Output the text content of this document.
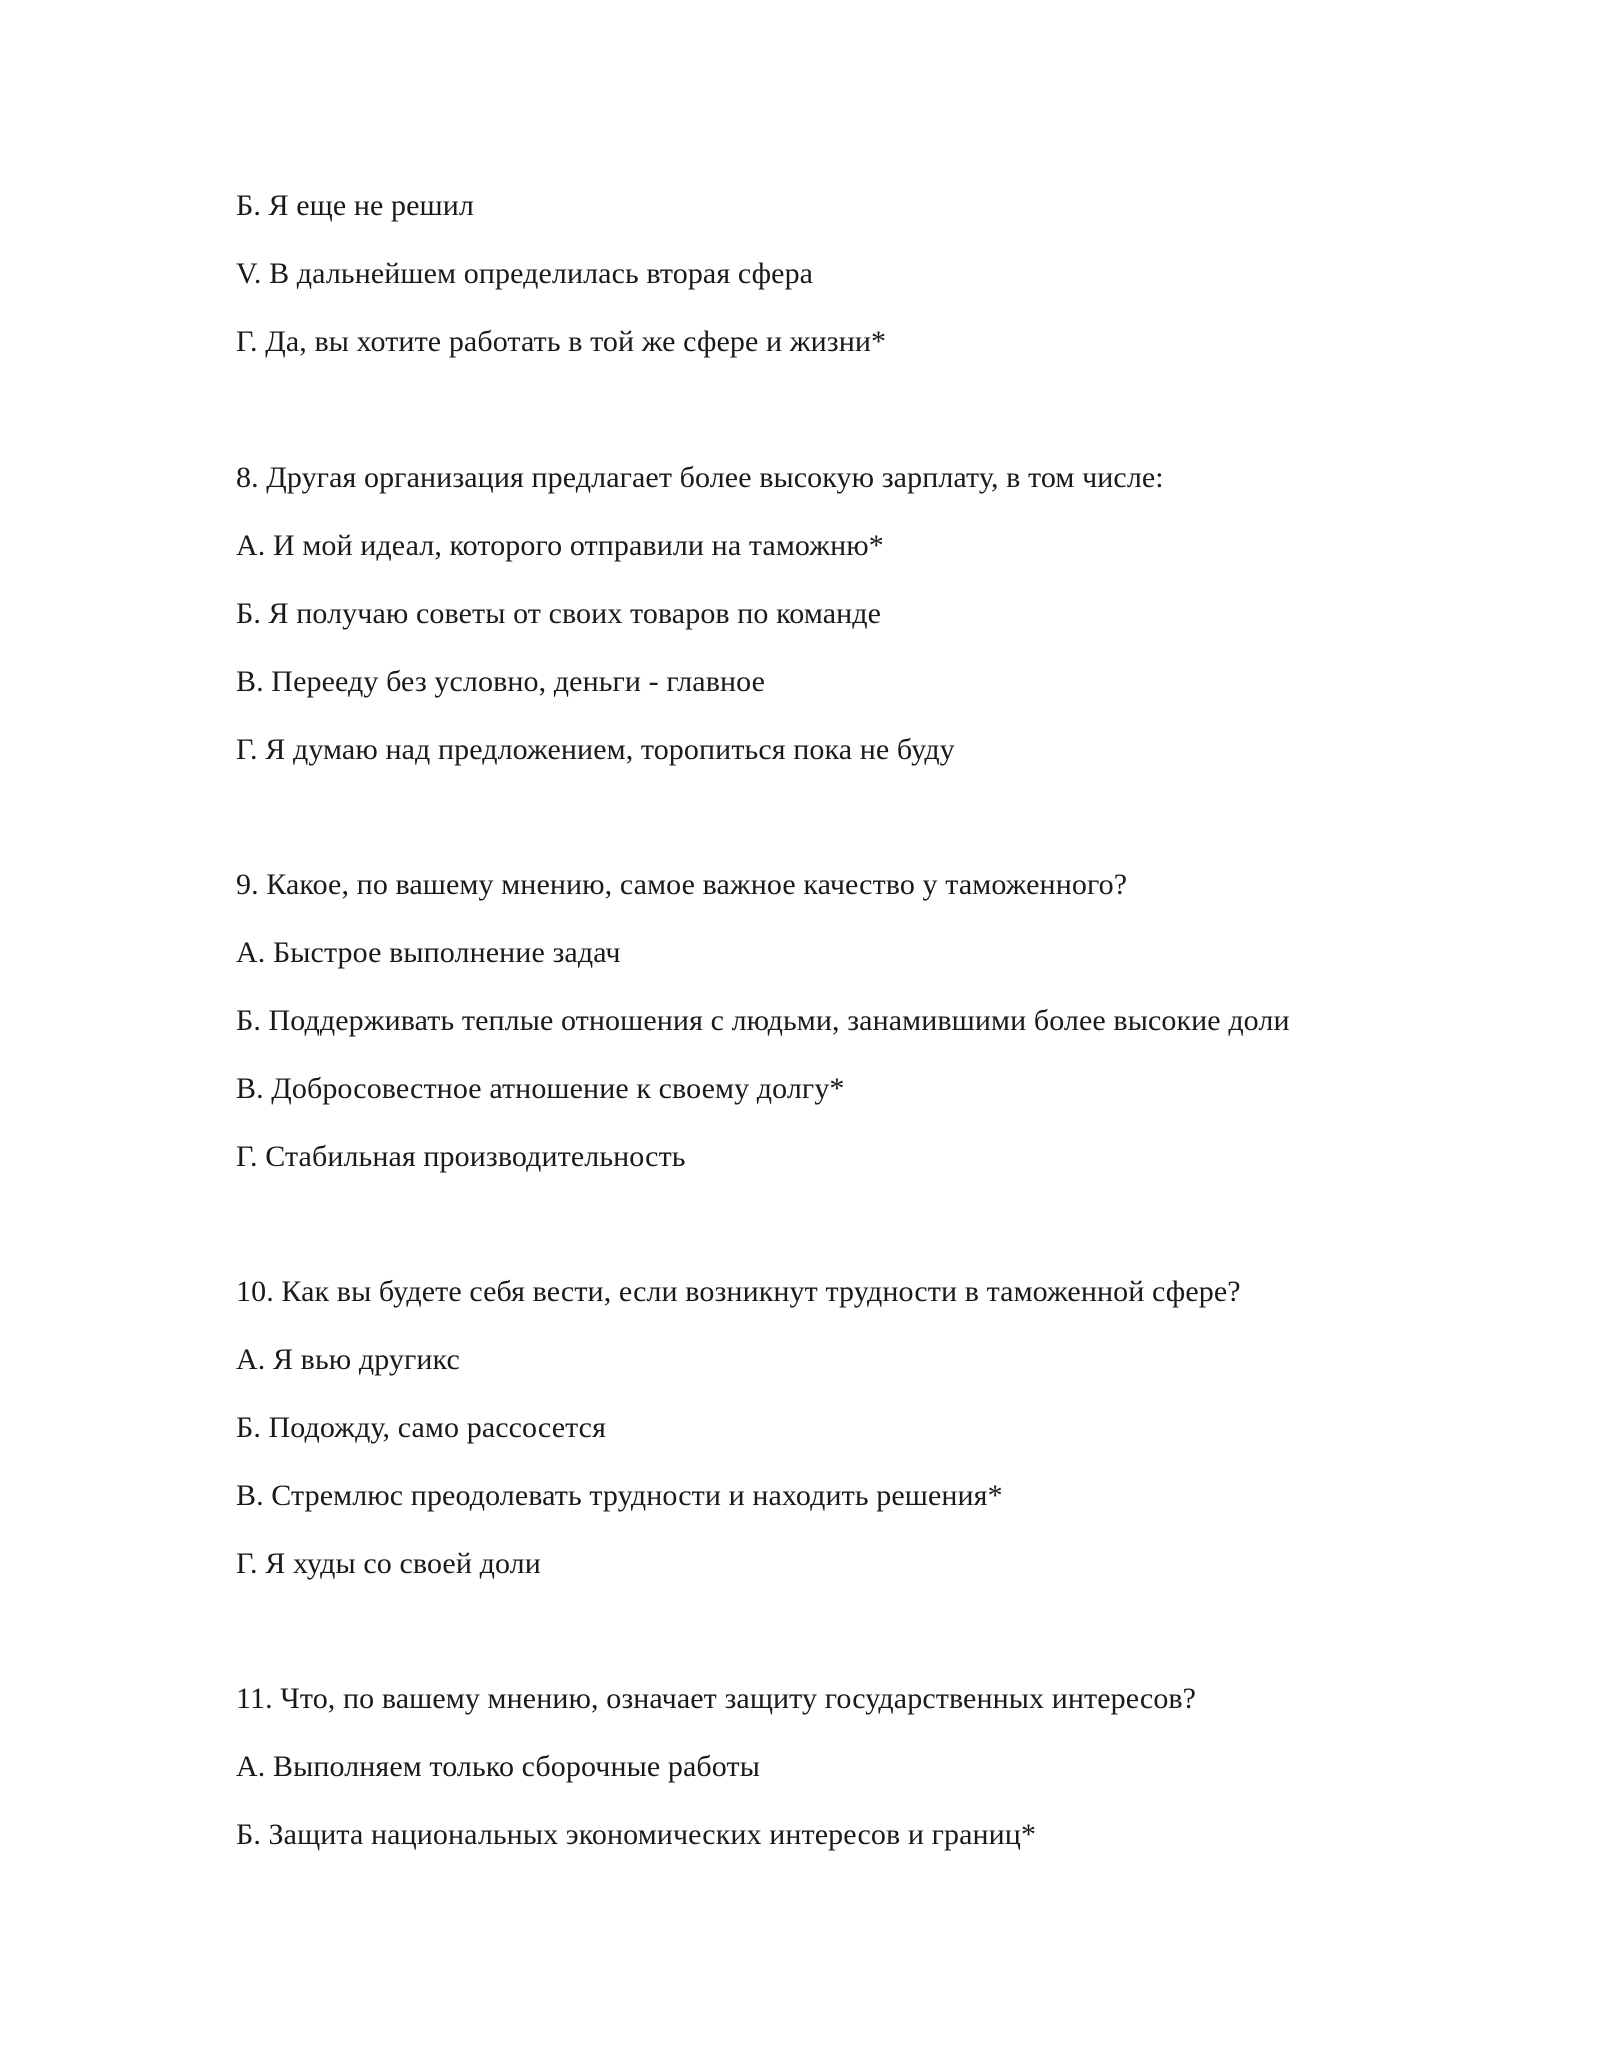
Б. Я еще не решил
V. В дальнейшем определилась вторая сфера
Г. Да, вы хотите работать в той же сфере и жизни*
8. Другая организация предлагает более высокую зарплату, в том числе:
А. И мой идеал, которого отправили на таможню*
Б. Я получаю советы от своих товаров по команде
В. Перееду без условно, деньги - главное
Г. Я думаю над предложением, торопиться пока не буду
9. Какое, по вашему мнению, самое важное качество у таможенного?
А. Быстрое выполнение задач
Б. Поддерживать теплые отношения с людьми, занамившими более высокие доли
В. Добросовестное атношение к своему долгу*
Г. Стабильная производительность
10. Как вы будете себя вести, если возникнут трудности в таможенной сфере?
А. Я вью другикс
Б. Подожду, само рассосется
В. Стремлюс преодолевать трудности и находить решения*
Г. Я худы со своей доли
11. Что, по вашему мнению, означает защиту государственных интересов?
А. Выполняем только сборочные работы
Б. Защита национальных экономических интересов и границ*
